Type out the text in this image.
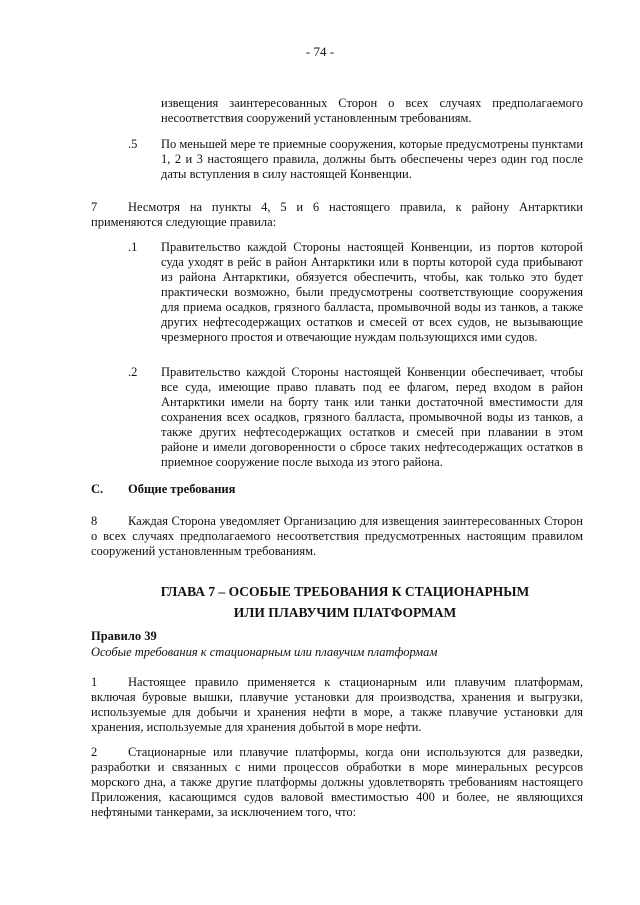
- 74 -
извещения заинтересованных Сторон о всех случаях предполагаемого несоответствия сооружений установленным требованиям.
.5 По меньшей мере те приемные сооружения, которые предусмотрены пунктами 1, 2 и 3 настоящего правила, должны быть обеспечены через один год после даты вступления в силу настоящей Конвенции.
7 Несмотря на пункты 4, 5 и 6 настоящего правила, к району Антарктики применяются следующие правила:
.1 Правительство каждой Стороны настоящей Конвенции, из портов которой суда уходят в рейс в район Антарктики или в порты которой суда прибывают из района Антарктики, обязуется обеспечить, чтобы, как только это будет практически возможно, были предусмотрены соответствующие сооружения для приема осадков, грязного балласта, промывочной воды из танков, а также других нефтесодержащих остатков и смесей от всех судов, не вызывающие чрезмерного простоя и отвечающие нуждам пользующихся ими судов.
.2 Правительство каждой Стороны настоящей Конвенции обеспечивает, чтобы все суда, имеющие право плавать под ее флагом, перед входом в район Антарктики имели на борту танк или танки достаточной вместимости для сохранения всех осадков, грязного балласта, промывочной воды из танков, а также других нефтесодержащих остатков и смесей при плавании в этом районе и имели договоренности о сбросе таких нефтесодержащих остатков в приемное сооружение после выхода из этого района.
C. Общие требования
8 Каждая Сторона уведомляет Организацию для извещения заинтересованных Сторон о всех случаях предполагаемого несоответствия предусмотренных настоящим правилом сооружений установленным требованиям.
ГЛАВА 7 – ОСОБЫЕ ТРЕБОВАНИЯ К СТАЦИОНАРНЫМ
ИЛИ ПЛАВУЧИМ ПЛАТФОРМАМ
Правило 39
Особые требования к стационарным или плавучим платформам
1 Настоящее правило применяется к стационарным или плавучим платформам, включая буровые вышки, плавучие установки для производства, хранения и выгрузки, используемые для добычи и хранения нефти в море, а также плавучие установки для хранения, используемые для хранения добытой в море нефти.
2 Стационарные или плавучие платформы, когда они используются для разведки, разработки и связанных с ними процессов обработки в море минеральных ресурсов морского дна, а также другие платформы должны удовлетворять требованиям настоящего Приложения, касающимся судов валовой вместимостью 400 и более, не являющихся нефтяными танкерами, за исключением того, что:
